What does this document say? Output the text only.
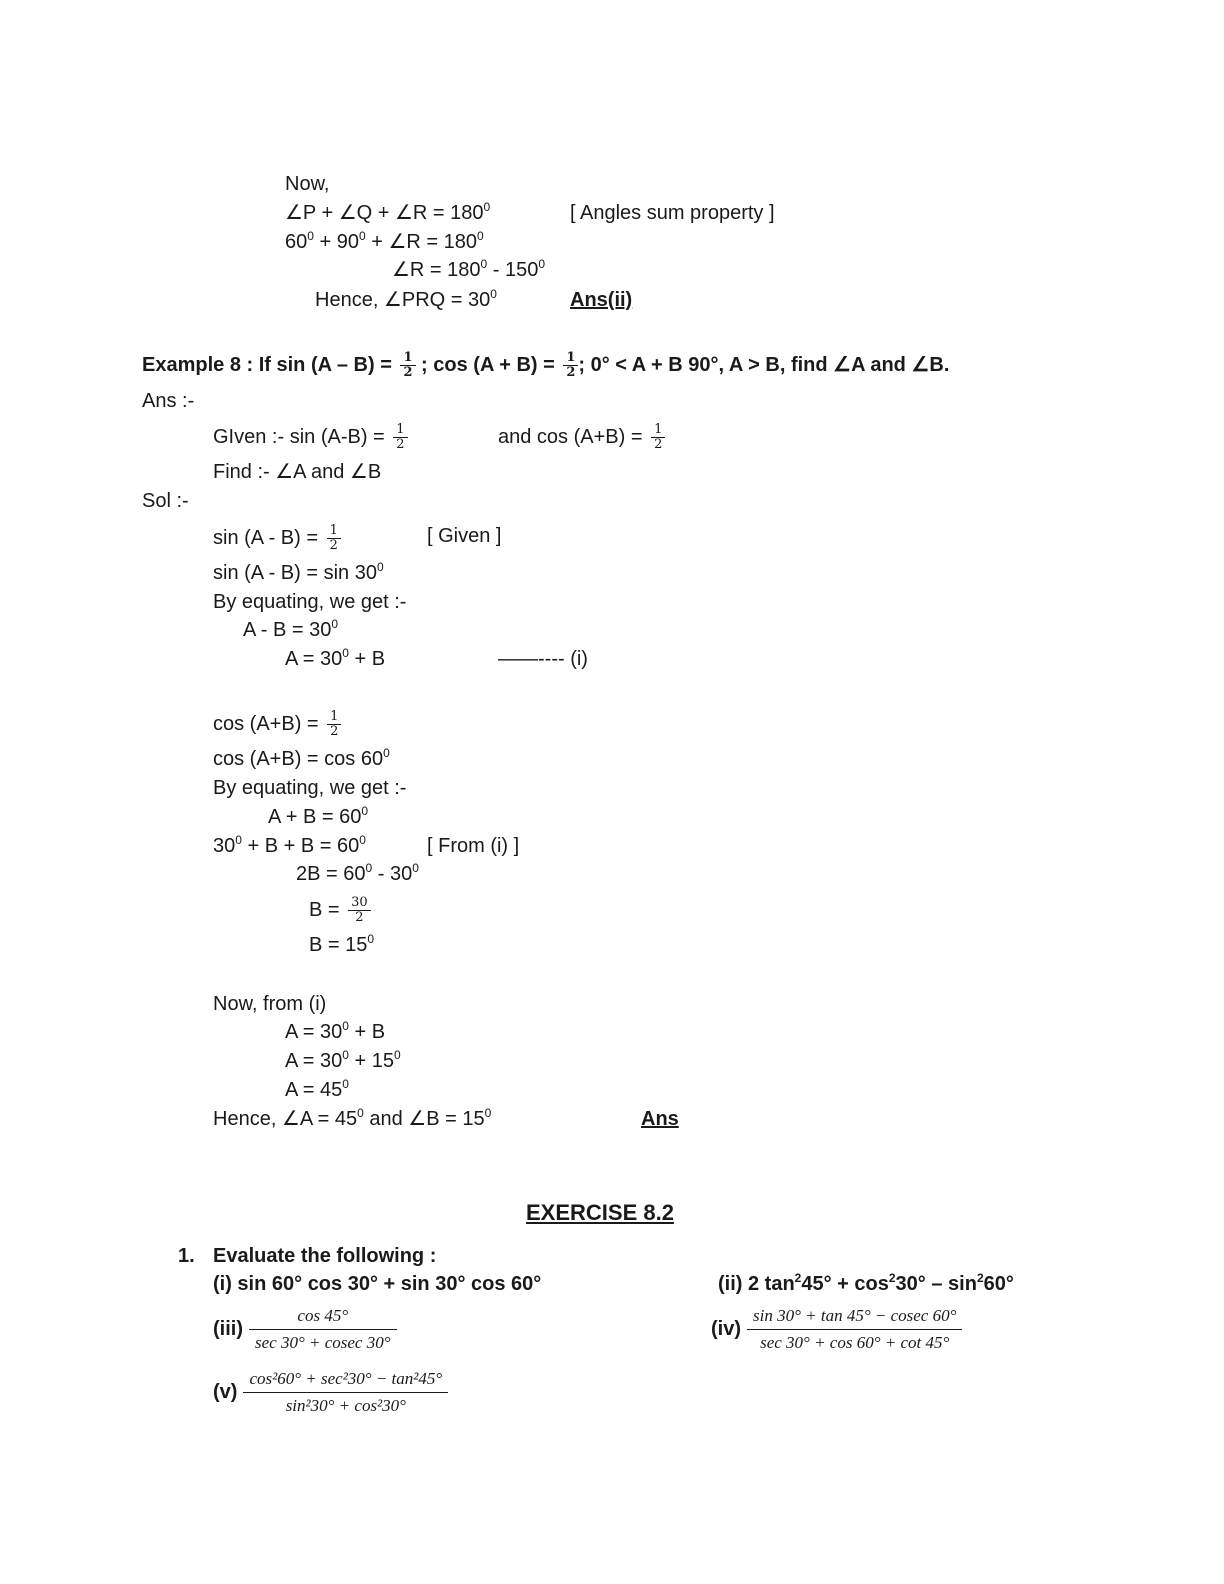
Now,
∠P + ∠Q + ∠R = $180^0$	[ Angles sum property ]
$60^0 + 90^0$ + ∠R = $180^0$
∠R = $180^0 - 150^0$
Hence, ∠PRQ = $30^0$	Ans(ii)
Example 8 : If $\sin (A - B) = \frac{1}{2}$ ; $\cos (A + B) = \frac{1}{2}$ ; 0° < A + B 90°, A > B, find ∠A and ∠B.
Ans :-
GIven :- $\sin (A-B) = \frac{1}{2}$	and $\cos (A+B) = \frac{1}{2}$
Find :- ∠A and ∠B
Sol :-
$\sin (A - B) = \frac{1}{2}$	[ Given ]
$\sin (A - B) = \sin 30^0$
By equating, we get :-
$A - B = 30^0$
$A = 30^0 + B$	——---- (i)
$\cos (A+B) = \frac{1}{2}$
$\cos (A+B) = \cos 60^0$
By equating, we get :-
$A + B = 60^0$
$30^0 + B + B = 60^0$	[ From (i) ]
$2B = 60^0 - 30^0$
$B = \frac{30}{2}$
$B = 15^0$
Now, from (i)
$A = 30^0 + B$
$A = 30^0 + 15^0$
$A = 45^0$
Hence, ∠A = $45^0$ and ∠B = $15^0$	Ans
EXERCISE 8.2
1. Evaluate the following :
(i) sin 60° cos 30° + sin 30° cos 60°	(ii) 2 $\tan^245^\circ + \cos^230^\circ - \sin^260^\circ$
(iii)
cos 45°
sec 30° + cosec 30°
(iv)
sin 30° + tan 45° − cosec 60°
sec 30° + cos 60° + cot 45°
(v)
cos²60° + sec²30° − tan²45°
sin²30° + cos²30°
